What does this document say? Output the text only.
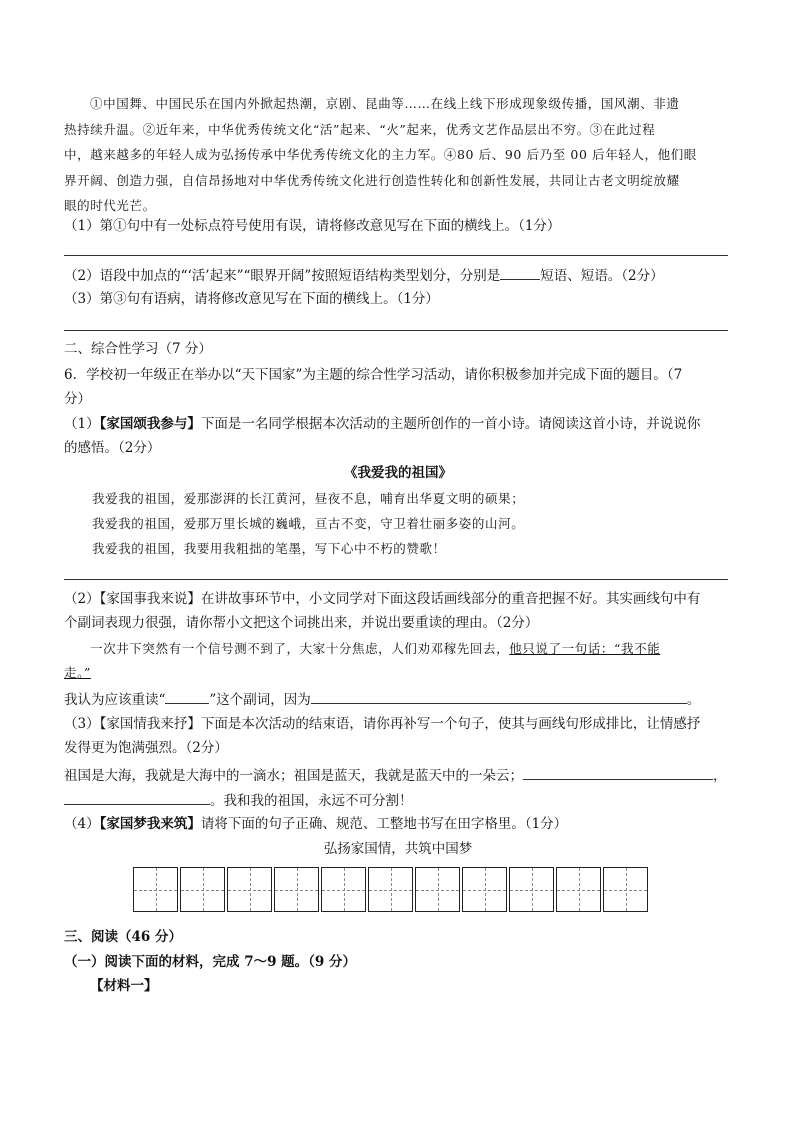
①中国舞、中国民乐在国内外掀起热潮，京剧、昆曲等……在线上线下形成现象级传播，国风潮、非遗
热持续升温。②近年来，中华优秀传统文化“活”起来、“火”起来，优秀文艺作品层出不穷。③在此过程
中，越来越多的年轻人成为弘扬传承中华优秀传统文化的主力军。④80 后、90 后乃至 00 后年轻人，他们眼
界开阔、创造力强，自信昂扬地对中华优秀传统文化进行创造性转化和创新性发展，共同让古老文明绽放耀
眼的时代光芒。
（1）第①句中有一处标点符号使用有误，请将修改意见写在下面的横线上。（1分）
（2）语段中加点的“‘活’起来”“眼界开阔”按照短语结构类型划分，分别是	短语、短语。（2分）
（3）第③句有语病，请将修改意见写在下面的横线上。（1分）
二、综合性学习（7 分）
6．学校初一年级正在举办以“天下国家”为主题的综合性学习活动，请你积极参加并完成下面的题目。（7
分）
（1）【家国颂我参与】下面是一名同学根据本次活动的主题所创作的一首小诗。请阅读这首小诗，并说说你
的感悟。（2分）
《我爱我的祖国》
我爱我的祖国，爱那澎湃的长江黄河，昼夜不息，哺育出华夏文明的硕果；
我爱我的祖国，爱那万里长城的巍峨，亘古不变，守卫着壮丽多姿的山河。
我爱我的祖国，我要用我粗拙的笔墨，写下心中不朽的赞歌！
（2）【家国事我来说】在讲故事环节中，小文同学对下面这段话画线部分的重音把握不好。其实画线句中有
个副词表现力很强，请你帮小文把这个词挑出来，并说出要重读的理由。（2分）
一次井下突然有一个信号测不到了，大家十分焦虑，人们劝邓稼先回去，他只说了一句话：“我不能
走。”
我认为应该重读“	”这个副词，因为	。
（3）【家国情我来抒】下面是本次活动的结束语，请你再补写一个句子，使其与画线句形成排比，让情感抒
发得更为饱满强烈。（2分）
祖国是大海，我就是大海中的一滴水；祖国是蓝天，我就是蓝天中的一朵云；	，
。我和我的祖国，永远不可分割！
（4）【家国梦我来筑】请将下面的句子正确、规范、工整地书写在田字格里。（1分）
弘扬家国情，共筑中国梦
三、阅读（46 分）
（一）阅读下面的材料，完成 7～9 题。（9 分）
【材料一】
